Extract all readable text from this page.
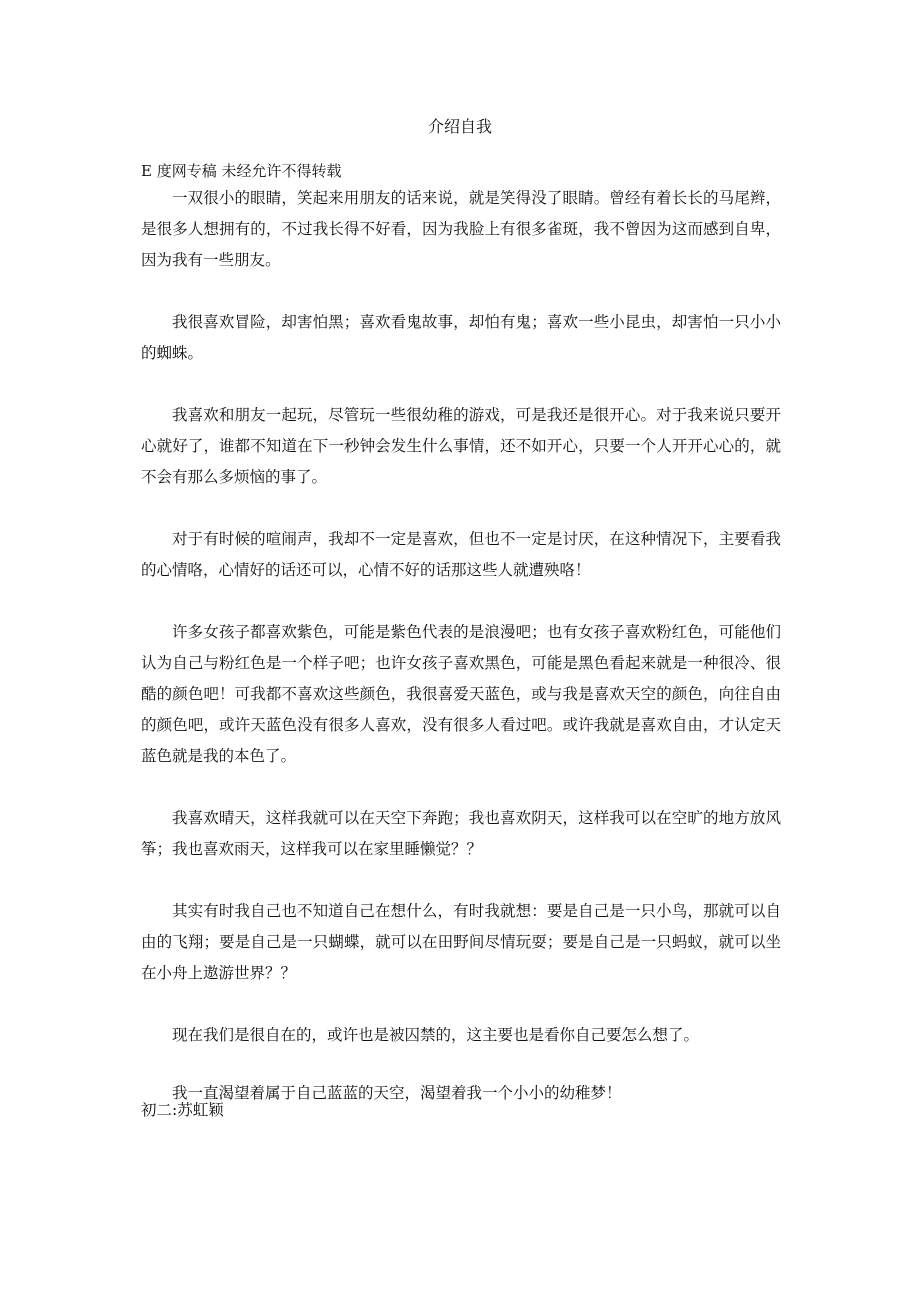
介绍自我
E 度网专稿 未经允许不得转载

一双很小的眼睛，笑起来用朋友的话来说，就是笑得没了眼睛。曾经有着长长的马尾辫，是很多人想拥有的，不过我长得不好看，因为我脸上有很多雀斑，我不曾因为这而感到自卑，因为我有一些朋友。

我很喜欢冒险，却害怕黑；喜欢看鬼故事，却怕有鬼；喜欢一些小昆虫，却害怕一只小小的蜘蛛。

我喜欢和朋友一起玩，尽管玩一些很幼稚的游戏，可是我还是很开心。对于我来说只要开心就好了，谁都不知道在下一秒钟会发生什么事情，还不如开心，只要一个人开开心心的，就不会有那么多烦恼的事了。

对于有时候的喧闹声，我却不一定是喜欢，但也不一定是讨厌，在这种情况下，主要看我的心情咯，心情好的话还可以，心情不好的话那这些人就遭殃咯！

许多女孩子都喜欢紫色，可能是紫色代表的是浪漫吧；也有女孩子喜欢粉红色，可能他们认为自己与粉红色是一个样子吧；也许女孩子喜欢黑色，可能是黑色看起来就是一种很冷、很酷的颜色吧！可我都不喜欢这些颜色，我很喜爱天蓝色，或与我是喜欢天空的颜色，向往自由的颜色吧，或许天蓝色没有很多人喜欢，没有很多人看过吧。或许我就是喜欢自由，才认定天蓝色就是我的本色了。

我喜欢晴天，这样我就可以在天空下奔跑；我也喜欢阴天，这样我可以在空旷的地方放风筝；我也喜欢雨天，这样我可以在家里睡懒觉？？

其实有时我自己也不知道自己在想什么，有时我就想：要是自己是一只小鸟，那就可以自由的飞翔；要是自己是一只蝴蝶，就可以在田野间尽情玩耍；要是自己是一只蚂蚁，就可以坐在小舟上遨游世界？？

现在我们是很自在的，或许也是被囚禁的，这主要也是看你自己要怎么想了。

我一直渴望着属于自己蓝蓝的天空，渴望着我一个小小的幼稚梦！

初二:苏虹颖
